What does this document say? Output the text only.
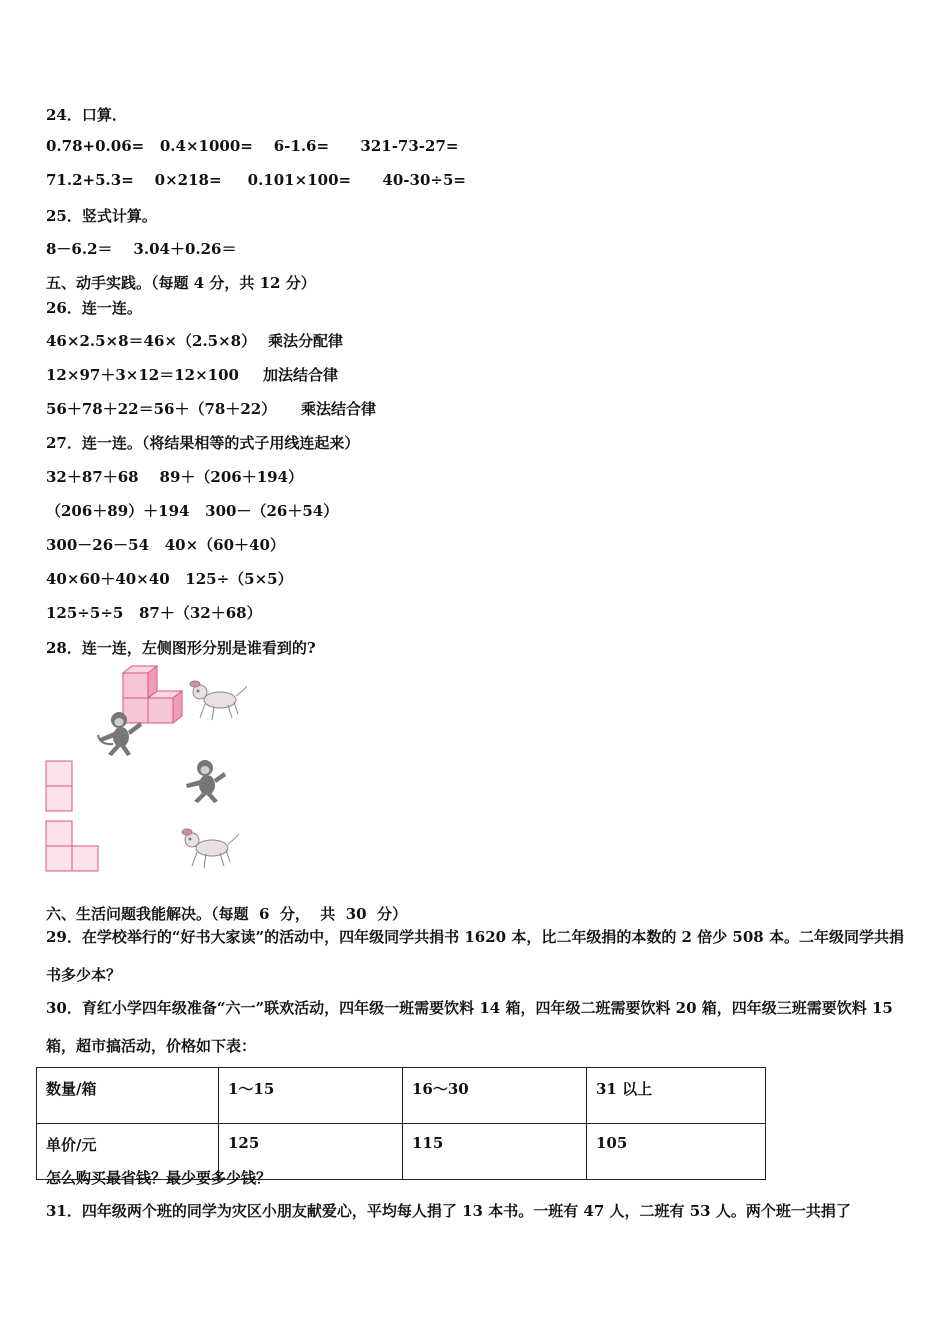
24．口算．
0.78+0.06=   0.4×1000=    6-1.6=      321-73-27=
71.2+5.3=    0×218=     0.101×100=      40-30÷5=
25．竖式计算。
8－6.2＝    3.04＋0.26＝
五、动手实践。（每题 4 分，共 12 分）
26．连一连。
46×2.5×8＝46×（2.5×8） 乘法分配律
12×97＋3×12＝12×100 加法结合律
56＋78＋22＝56＋（78＋22） 乘法结合律
27．连一连。（将结果相等的式子用线连起来）
32＋87＋68    89＋（206＋194）
（206＋89）＋194   300－（26＋54）
300－26－54   40×（60＋40）
40×60＋40×40   125÷（5×5）
125÷5÷5   87＋（32＋68）
28．连一连，左侧图形分别是谁看到的?
六、生活问题我能解决。（每题  6  分，  共  30  分）
29．在学校举行的“好书大家读”的活动中，四年级同学共捐书 1620 本，比二年级捐的本数的 2 倍少 508 本。二年级同学共捐书多少本？
30．育红小学四年级准备“六一”联欢活动，四年级一班需要饮料 14 箱，四年级二班需要饮料 20 箱，四年级三班需要饮料 15 箱，超市搞活动，价格如下表：
数量/箱	1～15	16～30	31 以上
单价/元	125	115	105
怎么购买最省钱？最少要多少钱？
31．四年级两个班的同学为灾区小朋友献爱心，平均每人捐了 13 本书。一班有 47 人，二班有 53 人。两个班一共捐了
